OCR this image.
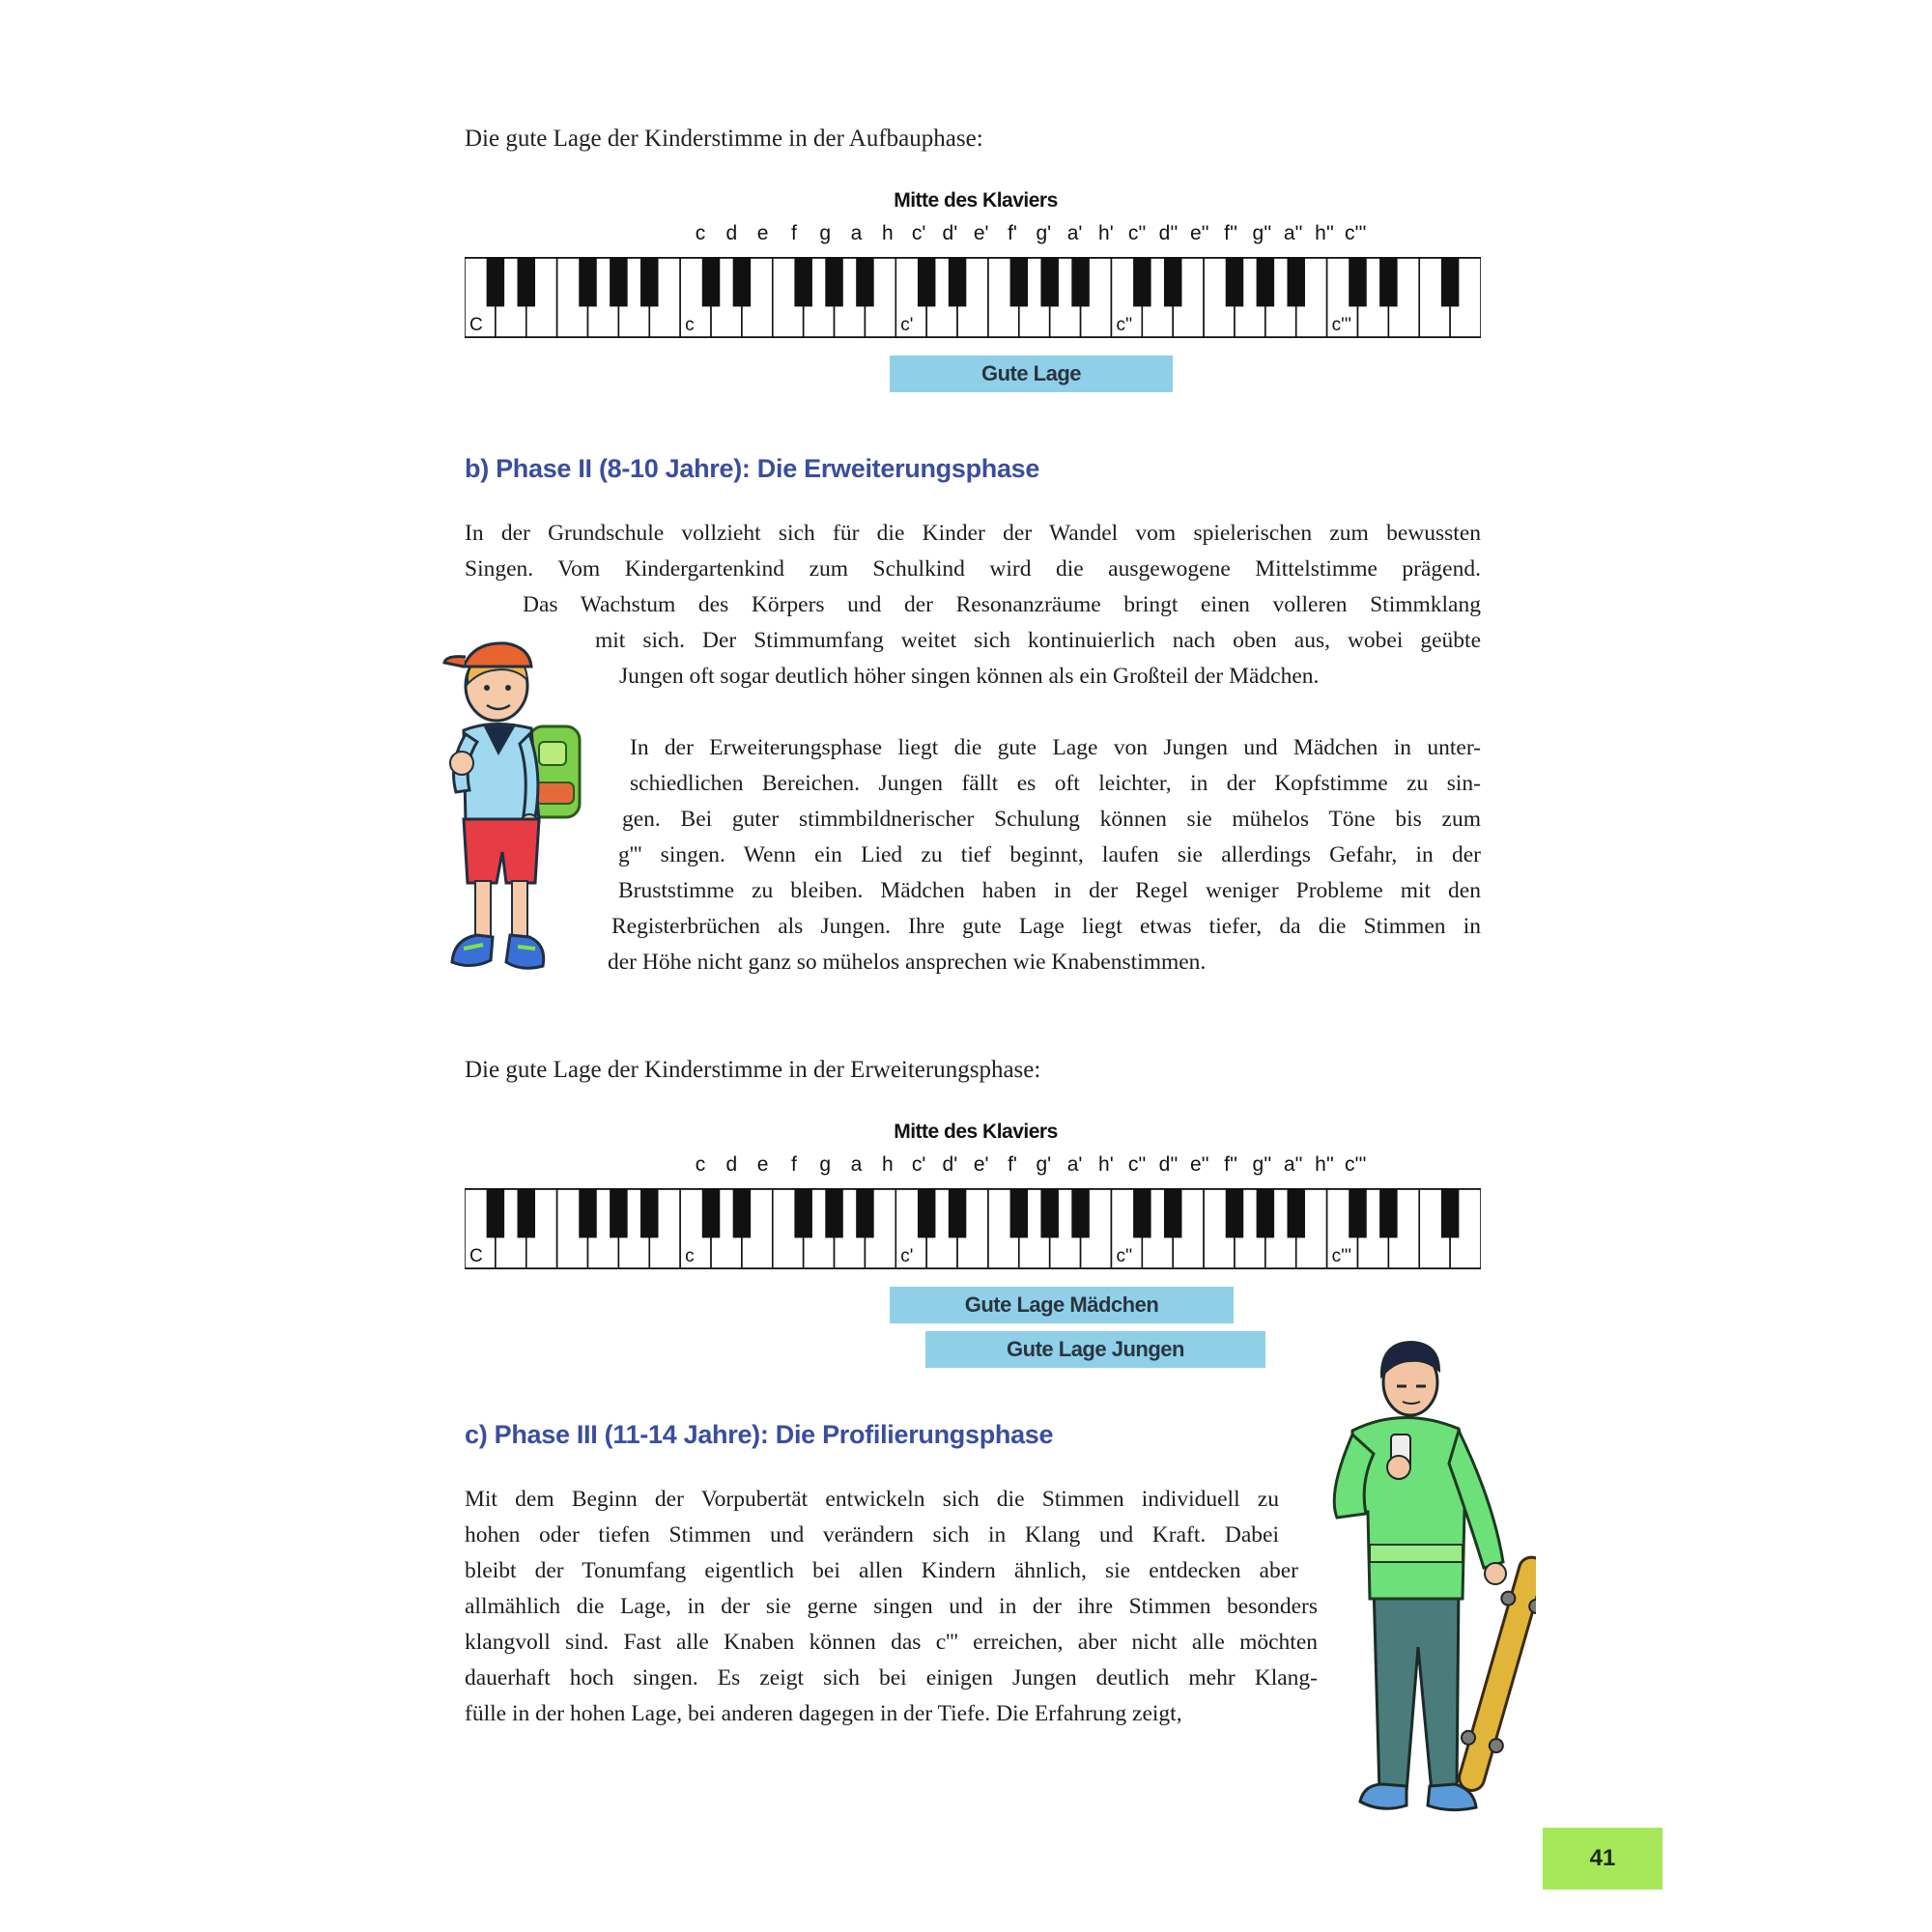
Die gute Lage der Kinderstimme in der Aufbauphase:
Mitte des Klaviers
c d e f g a h c' d' e' f' g' a' h' c'' d'' e'' f'' g'' a'' h'' c'''
C	c	c'	c''	c'''
Gute Lage
b) Phase II (8-10 Jahre): Die Erweiterungsphase
In der Grundschule vollzieht sich für die Kinder der Wandel vom spielerischen zum bewussten
Singen. Vom Kindergartenkind zum Schulkind wird die ausgewogene Mittelstimme prägend.
Das Wachstum des Körpers und der Resonanzräume bringt einen volleren Stimmklang
mit sich. Der Stimmumfang weitet sich kontinuierlich nach oben aus, wobei geübte
Jungen oft sogar deutlich höher singen können als ein Großteil der Mädchen.
In der Erweiterungsphase liegt die gute Lage von Jungen und Mädchen in unter-
schiedlichen Bereichen. Jungen fällt es oft leichter, in der Kopfstimme zu sin-
gen. Bei guter stimmbildnerischer Schulung können sie mühelos Töne bis zum
g''' singen. Wenn ein Lied zu tief beginnt, laufen sie allerdings Gefahr, in der
Bruststimme zu bleiben. Mädchen haben in der Regel weniger Probleme mit den
Registerbrüchen als Jungen. Ihre gute Lage liegt etwas tiefer, da die Stimmen in
der Höhe nicht ganz so mühelos ansprechen wie Knabenstimmen.
Die gute Lage der Kinderstimme in der Erweiterungsphase:
Mitte des Klaviers
c d e f g a h c' d' e' f' g' a' h' c'' d'' e'' f'' g'' a'' h'' c'''
C	c	c'	c''	c'''
Gute Lage Mädchen
Gute Lage Jungen
c) Phase III (11-14 Jahre): Die Profilierungsphase
Mit dem Beginn der Vorpubertät entwickeln sich die Stimmen individuell zu
hohen oder tiefen Stimmen und verändern sich in Klang und Kraft. Dabei
bleibt der Tonumfang eigentlich bei allen Kindern ähnlich, sie entdecken aber
allmählich die Lage, in der sie gerne singen und in der ihre Stimmen besonders
klangvoll sind. Fast alle Knaben können das c''' erreichen, aber nicht alle möchten
dauerhaft hoch singen. Es zeigt sich bei einigen Jungen deutlich mehr Klang-
fülle in der hohen Lage, bei anderen dagegen in der Tiefe. Die Erfahrung zeigt,
41
